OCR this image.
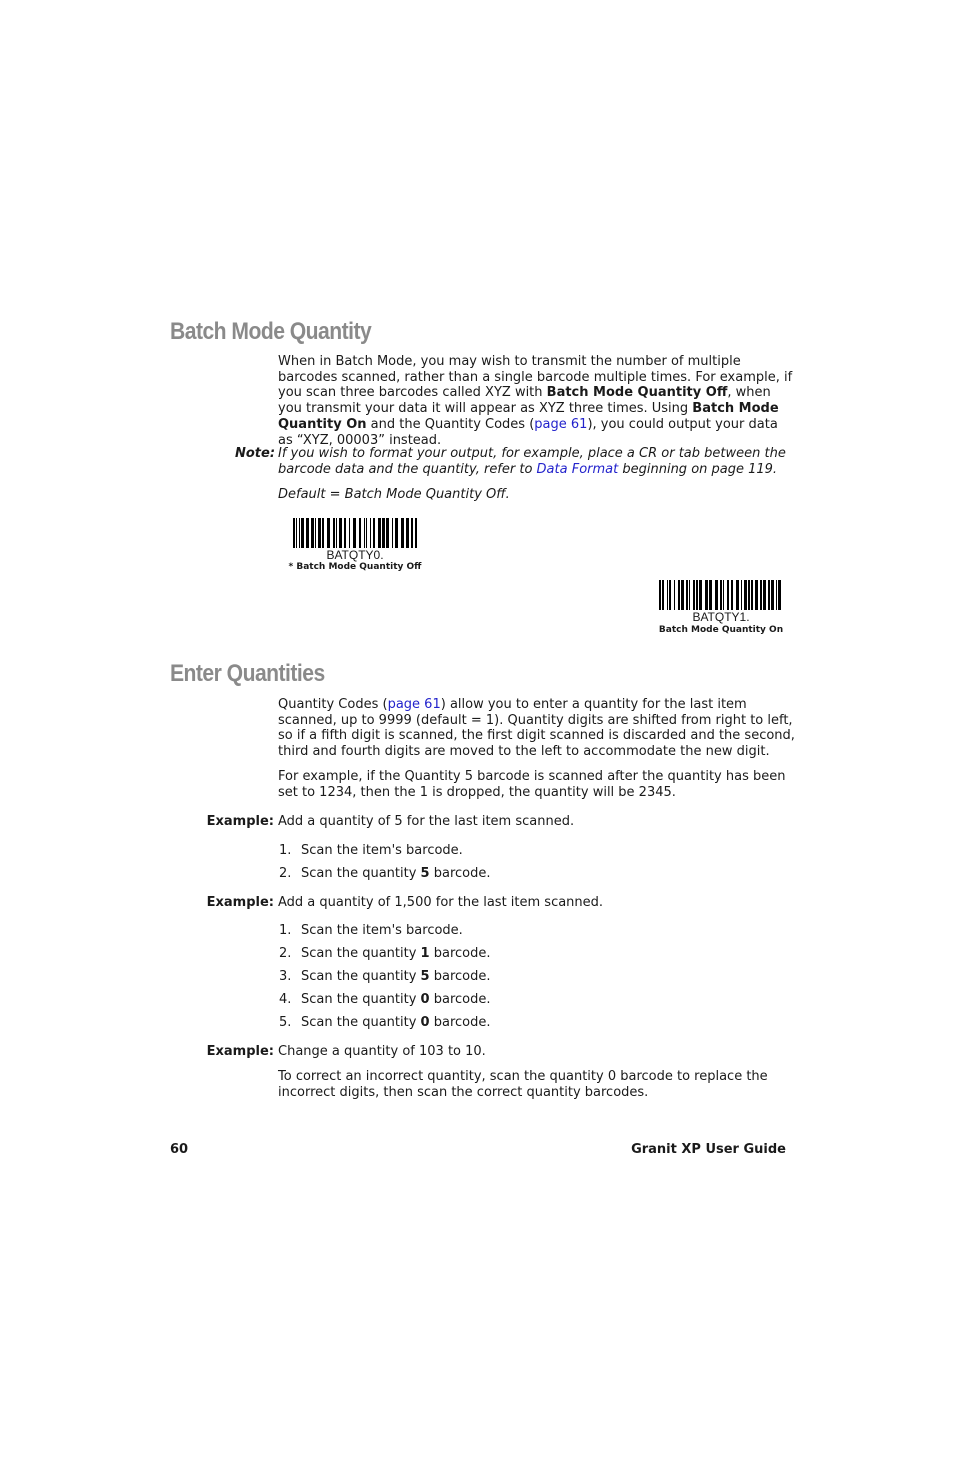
Batch Mode Quantity
When in Batch Mode, you may wish to transmit the number of multiple barcodes scanned, rather than a single barcode multiple times. For example, if you scan three barcodes called XYZ with Batch Mode Quantity Off, when you transmit your data it will appear as XYZ three times. Using Batch Mode Quantity On and the Quantity Codes (page 61), you could output your data as “XYZ, 00003” instead.
Note: If you wish to format your output, for example, place a CR or tab between the barcode data and the quantity, refer to Data Format beginning on page 119.
Default = Batch Mode Quantity Off.
BATQTY0.
* Batch Mode Quantity Off
BATQTY1.
Batch Mode Quantity On
Enter Quantities
Quantity Codes (page 61) allow you to enter a quantity for the last item scanned, up to 9999 (default = 1). Quantity digits are shifted from right to left, so if a fifth digit is scanned, the first digit scanned is discarded and the second, third and fourth digits are moved to the left to accommodate the new digit.
For example, if the Quantity 5 barcode is scanned after the quantity has been set to 1234, then the 1 is dropped, the quantity will be 2345.
Example: Add a quantity of 5 for the last item scanned.
1. Scan the item's barcode.
2. Scan the quantity 5 barcode.
Example: Add a quantity of 1,500 for the last item scanned.
1. Scan the item's barcode.
2. Scan the quantity 1 barcode.
3. Scan the quantity 5 barcode.
4. Scan the quantity 0 barcode.
5. Scan the quantity 0 barcode.
Example: Change a quantity of 103 to 10.
To correct an incorrect quantity, scan the quantity 0 barcode to replace the incorrect digits, then scan the correct quantity barcodes.
60	Granit XP User Guide
